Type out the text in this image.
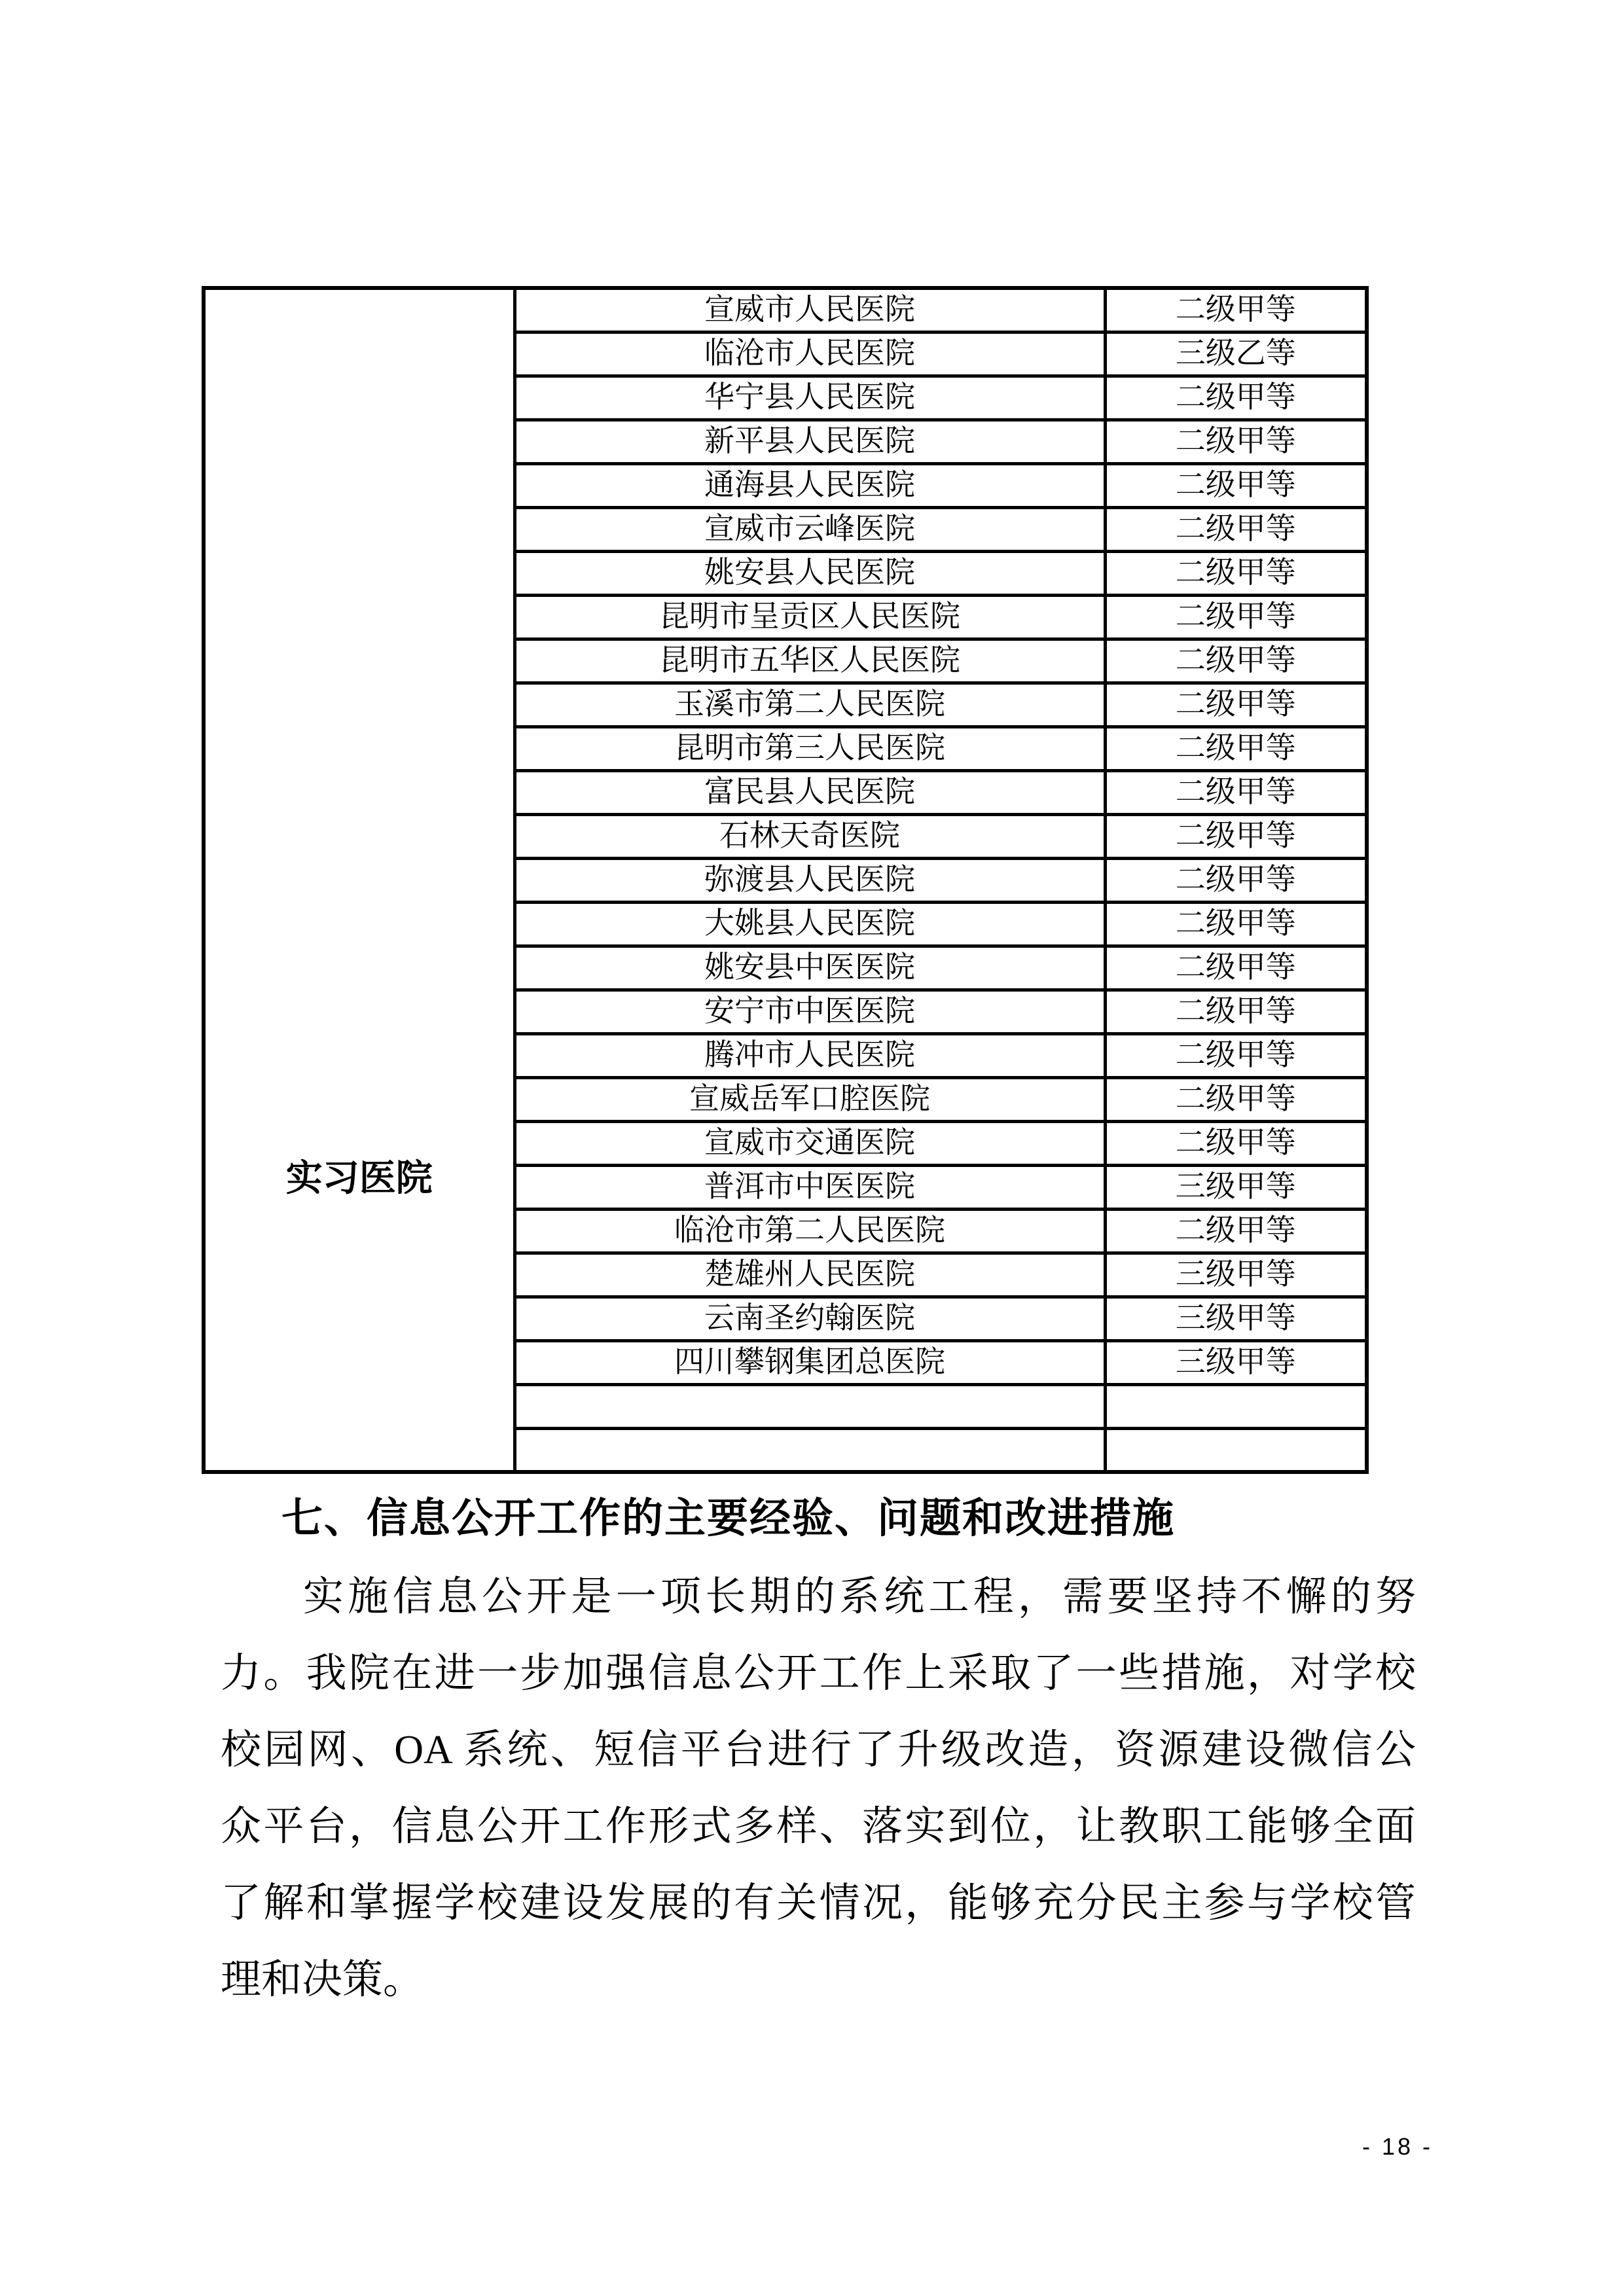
实习医院	宣威市人民医院	二级甲等
	临沧市人民医院	三级乙等
	华宁县人民医院	二级甲等
	新平县人民医院	二级甲等
	通海县人民医院	二级甲等
	宣威市云峰医院	二级甲等
	姚安县人民医院	二级甲等
	昆明市呈贡区人民医院	二级甲等
	昆明市五华区人民医院	二级甲等
	玉溪市第二人民医院	二级甲等
	昆明市第三人民医院	二级甲等
	富民县人民医院	二级甲等
	石林天奇医院	二级甲等
	弥渡县人民医院	二级甲等
	大姚县人民医院	二级甲等
	姚安县中医医院	二级甲等
	安宁市中医医院	二级甲等
	腾冲市人民医院	二级甲等
	宣威岳军口腔医院	二级甲等
	宣威市交通医院	二级甲等
	普洱市中医医院	三级甲等
	临沧市第二人民医院	二级甲等
	楚雄州人民医院	三级甲等
	云南圣约翰医院	三级甲等
	四川攀钢集团总医院	三级甲等

七、信息公开工作的主要经验、问题和改进措施
实施信息公开是一项长期的系统工程，需要坚持不懈的努
力。我院在进一步加强信息公开工作上采取了一些措施，对学校
校园网、OA 系统、短信平台进行了升级改造，资源建设微信公
众平台，信息公开工作形式多样、落实到位，让教职工能够全面
了解和掌握学校建设发展的有关情况，能够充分民主参与学校管
理和决策。
- 18 -
